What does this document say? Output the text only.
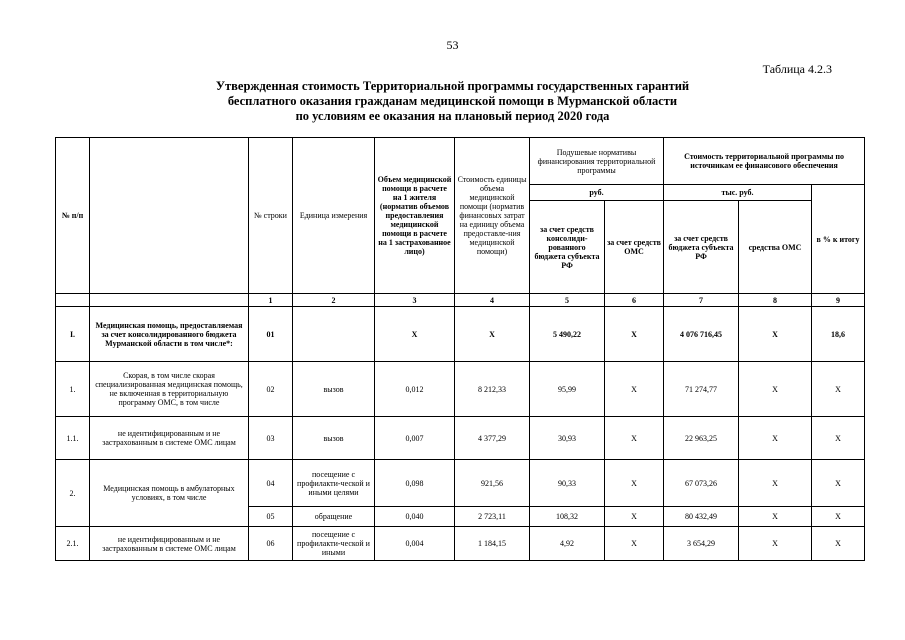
53
Таблица 4.2.3
Утвержденная стоимость Территориальной программы государственных гарантий
бесплатного оказания гражданам медицинской помощи в Мурманской области
по условиям ее оказания на плановый период 2020 года
№ п/п		№ строки	Единица измерения	Объем медицинской помощи в расчете на 1 жителя (норматив объемов предоставления медицинской помощи в расчете на 1 застрахованное лицо)	Стоимость единицы объема медицинской помощи (норматив финансовых затрат на единицу объема предоставле-ния медицинской помощи)	Подушевые нормативы финансирования территориальной программы		Стоимость территориальной программы по источникам ее финансового обеспечения		
						руб.		тыс. руб.		в % к итогу
						за счет средств консолиди-рованного бюджета субъекта РФ	за счет средств ОМС	за счет средств бюджета субъекта РФ	средства ОМС	
		1	2	3	4	5	6	7	8	9
I.	Медицинская помощь, предоставляемая за счет консолидированного бюджета Мурманской области в том числе*:	01		X	X	5 490,22	X	4 076 716,45	X	18,6
1.	Скорая, в том числе скорая специализированная медицинская помощь, не включенная в территориальную программу ОМС, в том числе	02	вызов	0,012	8 212,33	95,99	X	71 274,77	X	X
1.1.	не идентифицированным и не застрахованным в системе ОМС лицам	03	вызов	0,007	4 377,29	30,93	X	22 963,25	X	X
2.	Медицинская помощь в амбулаторных условиях, в том числе	04	посещение с профилакти-ческой и иными целями	0,098	921,56	90,33	X	67 073,26	X	X
		05	обращение	0,040	2 723,11	108,32	X	80 432,49	X	X
2.1.	не идентифицированным и не застрахованным в системе ОМС лицам	06	посещение с профилакти-ческой и иными	0,004	1 184,15	4,92	X	3 654,29	X	X
